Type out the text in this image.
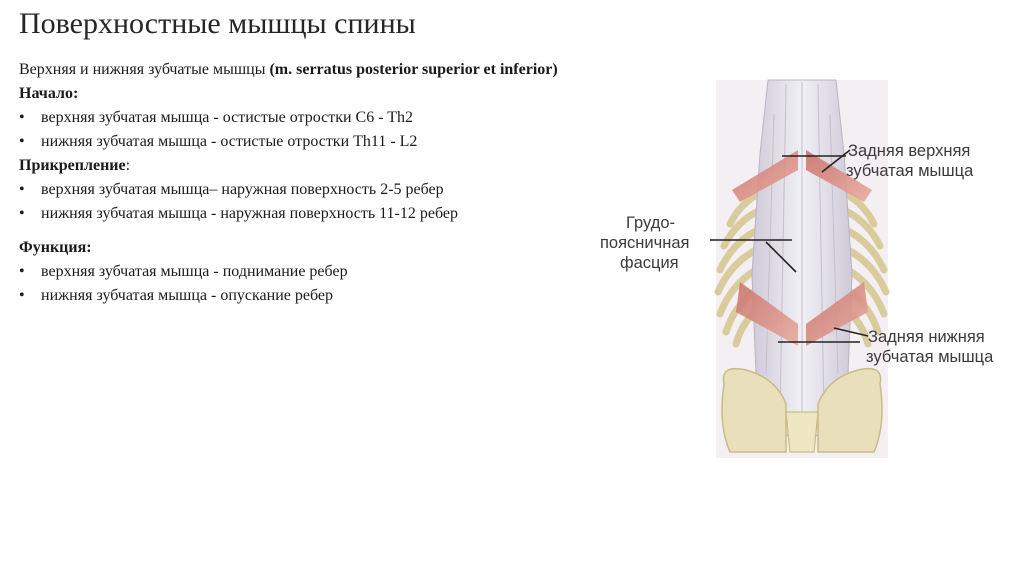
Поверхностные мышцы спины
Верхняя и нижняя зубчатые мышцы (m. serratus posterior superior et inferior)
Начало:
• верхняя зубчатая мышца - остистые отростки C6 - Th2
• нижняя зубчатая мышца - остистые отростки Th11 - L2
Прикрепление:
• верхняя зубчатая мышца– наружная поверхность 2-5 ребер
• нижняя зубчатая мышца - наружная поверхность 11-12 ребер
Функция:
• верхняя зубчатая мышца - поднимание ребер
• нижняя зубчатая мышца - опускание ребер
Задняя верхняя
зубчатая мышца
Грудо-
поясничная
фасция
Задняя нижняя
зубчатая мышца
